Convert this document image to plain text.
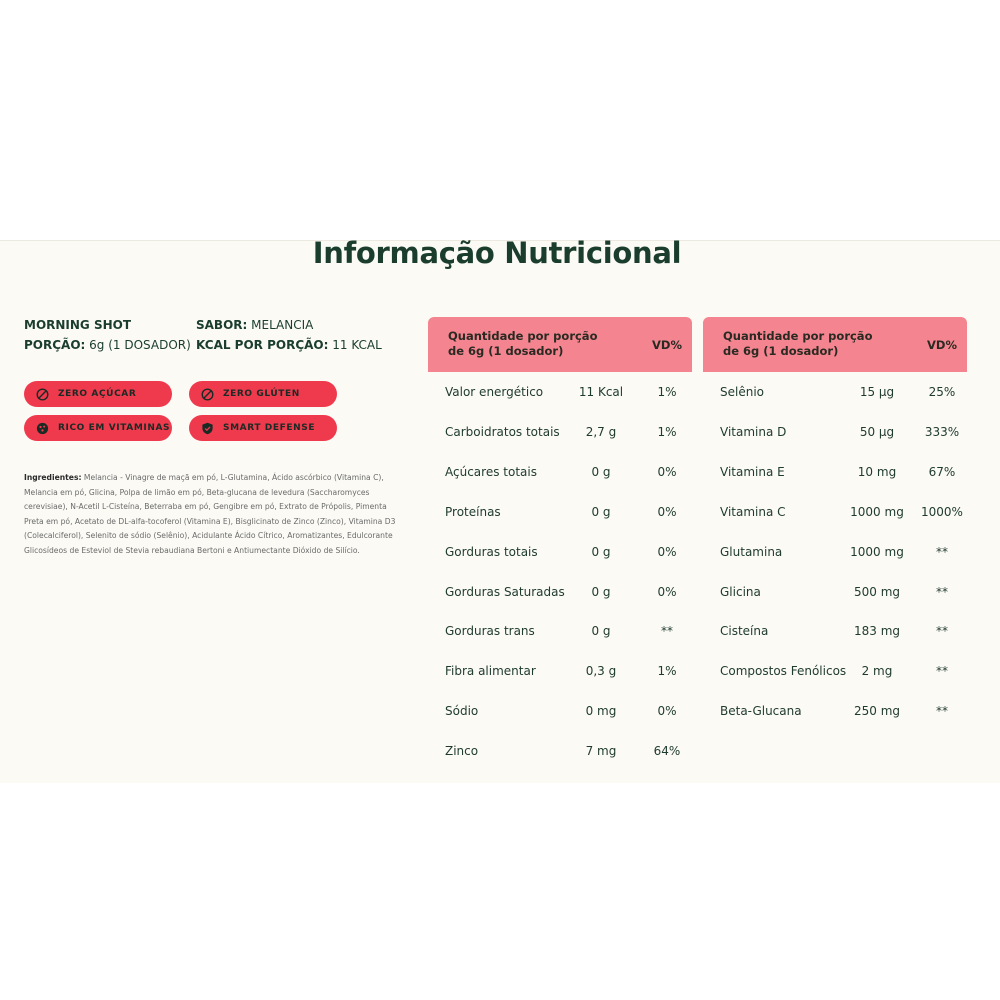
Informação Nutricional
MORNING SHOT
PORÇÃO: 6g (1 DOSADOR)
SABOR: MELANCIA
KCAL POR PORÇÃO: 11 KCAL
ZERO AÇÚCAR	ZERO GLÚTEN
RICO EM VITAMINAS	SMART DEFENSE
Ingredientes: Melancia - Vinagre de maçã em pó, L-Glutamina, Ácido ascórbico (Vitamina C), Melancia em pó, Glicina, Polpa de limão em pó, Beta-glucana de levedura (Saccharomyces cerevisiae), N-Acetil L-Cisteína, Beterraba em pó, Gengibre em pó, Extrato de Própolis, Pimenta Preta em pó, Acetato de DL-alfa-tocoferol (Vitamina E), Bisglicinato de Zinco (Zinco), Vitamina D3 (Colecalciferol), Selenito de sódio (Selênio), Acidulante Ácido Cítrico, Aromatizantes, Edulcorante Glicosídeos de Esteviol de Stevia rebaudiana Bertoni e Antiumectante Dióxido de Silício.
Quantidade por porção de 6g (1 dosador)	VD%
Valor energético	11 Kcal	1%
Carboidratos totais	2,7 g	1%
Açúcares totais	0 g	0%
Proteínas	0 g	0%
Gorduras totais	0 g	0%
Gorduras Saturadas	0 g	0%
Gorduras trans	0 g	**
Fibra alimentar	0,3 g	1%
Sódio	0 mg	0%
Zinco	7 mg	64%
Quantidade por porção de 6g (1 dosador)	VD%
Selênio	15 µg	25%
Vitamina D	50 µg	333%
Vitamina E	10 mg	67%
Vitamina C	1000 mg	1000%
Glutamina	1000 mg	**
Glicina	500 mg	**
Cisteína	183 mg	**
Compostos Fenólicos	2 mg	**
Beta-Glucana	250 mg	**
